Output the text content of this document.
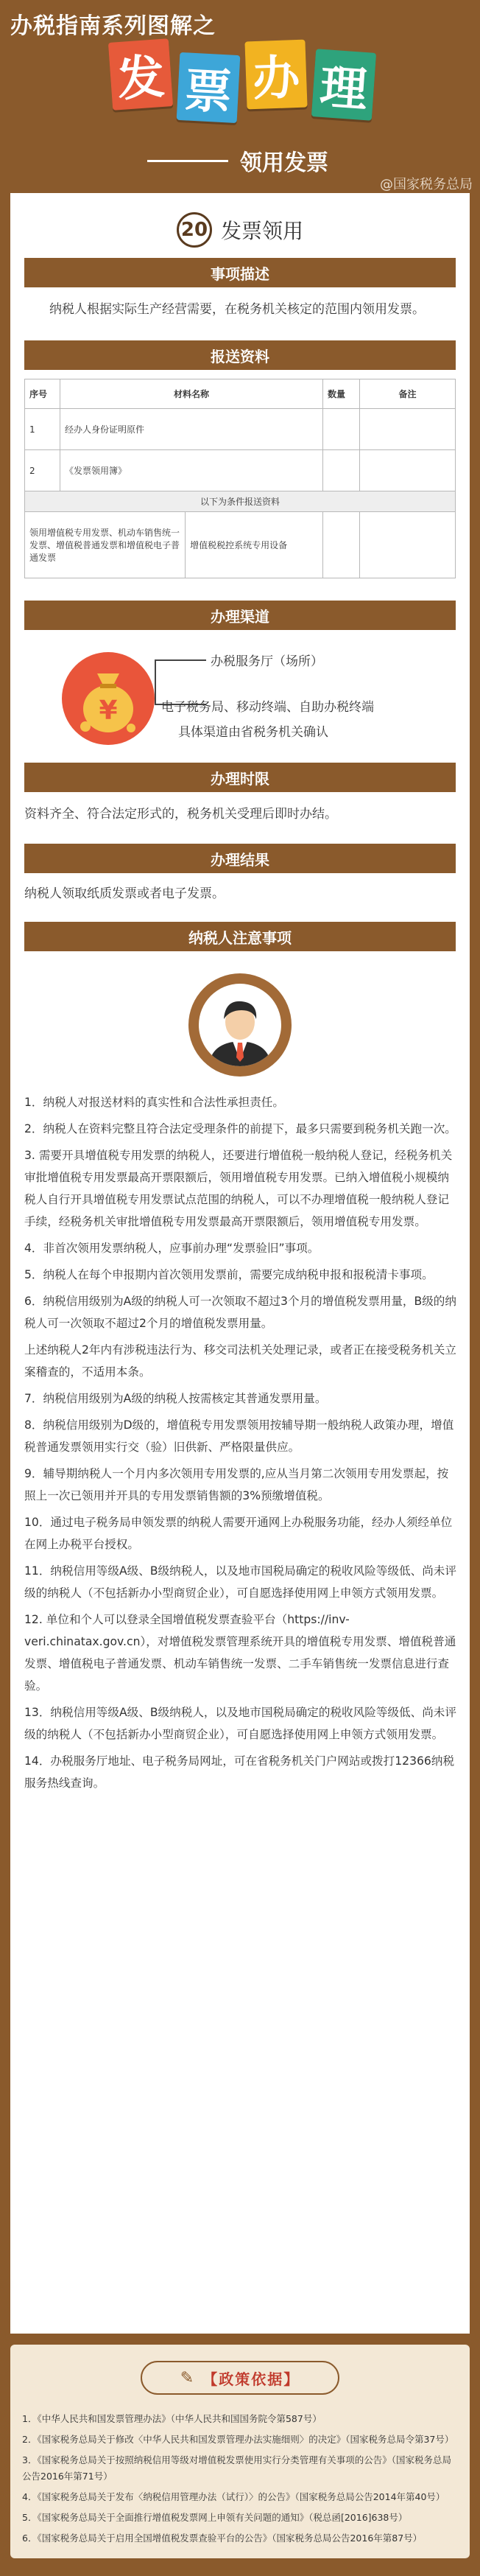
办税指南系列图解之
发 票 办 理
领用发票
@国家税务总局
20 发票领用
事项描述
纳税人根据实际生产经营需要，在税务机关核定的范围内领用发票。
报送资料
序号	材料名称		数量	备注
1	经办人身份证明原件			
2	《发票领用簿》			
以下为条件报送资料				
领用增值税专用发票、机动车销售统一发票、增值税普通发票和增值税电子普通发票		增值税税控系统专用设备		
办理渠道
¥
办税服务厅（场所）
电子税务局、移动终端、自助办税终端
具体渠道由省税务机关确认
办理时限
资料齐全、符合法定形式的，税务机关受理后即时办结。
办理结果
纳税人领取纸质发票或者电子发票。
纳税人注意事项
1．纳税人对报送材料的真实性和合法性承担责任。
2．纳税人在资料完整且符合法定受理条件的前提下，最多只需要到税务机关跑一次。
3. 需要开具增值税专用发票的纳税人，还要进行增值税一般纳税人登记，经税务机关审批增值税专用发票最高开票限额后，领用增值税专用发票。已纳入增值税小规模纳税人自行开具增值税专用发票试点范围的纳税人，可以不办理增值税一般纳税人登记手续，经税务机关审批增值税专用发票最高开票限额后，领用增值税专用发票。
4．非首次领用发票纳税人，应事前办理“发票验旧”事项。
5．纳税人在每个申报期内首次领用发票前，需要完成纳税申报和报税清卡事项。
6．纳税信用级别为A级的纳税人可一次领取不超过3个月的增值税发票用量，B级的纳税人可一次领取不超过2个月的增值税发票用量。
上述纳税人2年内有涉税违法行为、移交司法机关处理记录，或者正在接受税务机关立案稽查的，不适用本条。
7．纳税信用级别为A级的纳税人按需核定其普通发票用量。
8．纳税信用级别为D级的，增值税专用发票领用按辅导期一般纳税人政策办理，增值税普通发票领用实行交（验）旧供新、严格限量供应。
9．辅导期纳税人一个月内多次领用专用发票的,应从当月第二次领用专用发票起，按照上一次已领用并开具的专用发票销售额的3%预缴增值税。
10．通过电子税务局申领发票的纳税人需要开通网上办税服务功能，经办人须经单位在网上办税平台授权。
11．纳税信用等级A级、B级纳税人，以及地市国税局确定的税收风险等级低、尚未评级的纳税人（不包括新办小型商贸企业），可自愿选择使用网上申领方式领用发票。
12. 单位和个人可以登录全国增值税发票查验平台（https://inv-veri.chinatax.gov.cn），对增值税发票管理系统开具的增值税专用发票、增值税普通发票、增值税电子普通发票、机动车销售统一发票、二手车销售统一发票信息进行查验。
13．纳税信用等级A级、B级纳税人，以及地市国税局确定的税收风险等级低、尚未评级的纳税人（不包括新办小型商贸企业），可自愿选择使用网上申领方式领用发票。
14．办税服务厅地址、电子税务局网址，可在省税务机关门户网站或拨打12366纳税服务热线查询。
✎ 【政策依据】
1．《中华人民共和国发票管理办法》（中华人民共和国国务院令第587号）
2．《国家税务总局关于修改〈中华人民共和国发票管理办法实施细则〉的决定》（国家税务总局令第37号）
3．《国家税务总局关于按照纳税信用等级对增值税发票使用实行分类管理有关事项的公告》（国家税务总局公告2016年第71号）
4．《国家税务总局关于发布〈纳税信用管理办法（试行）〉的公告》（国家税务总局公告2014年第40号）
5．《国家税务总局关于全面推行增值税发票网上申领有关问题的通知》（税总函[2016]638号）
6．《国家税务总局关于启用全国增值税发票查验平台的公告》（国家税务总局公告2016年第87号）
